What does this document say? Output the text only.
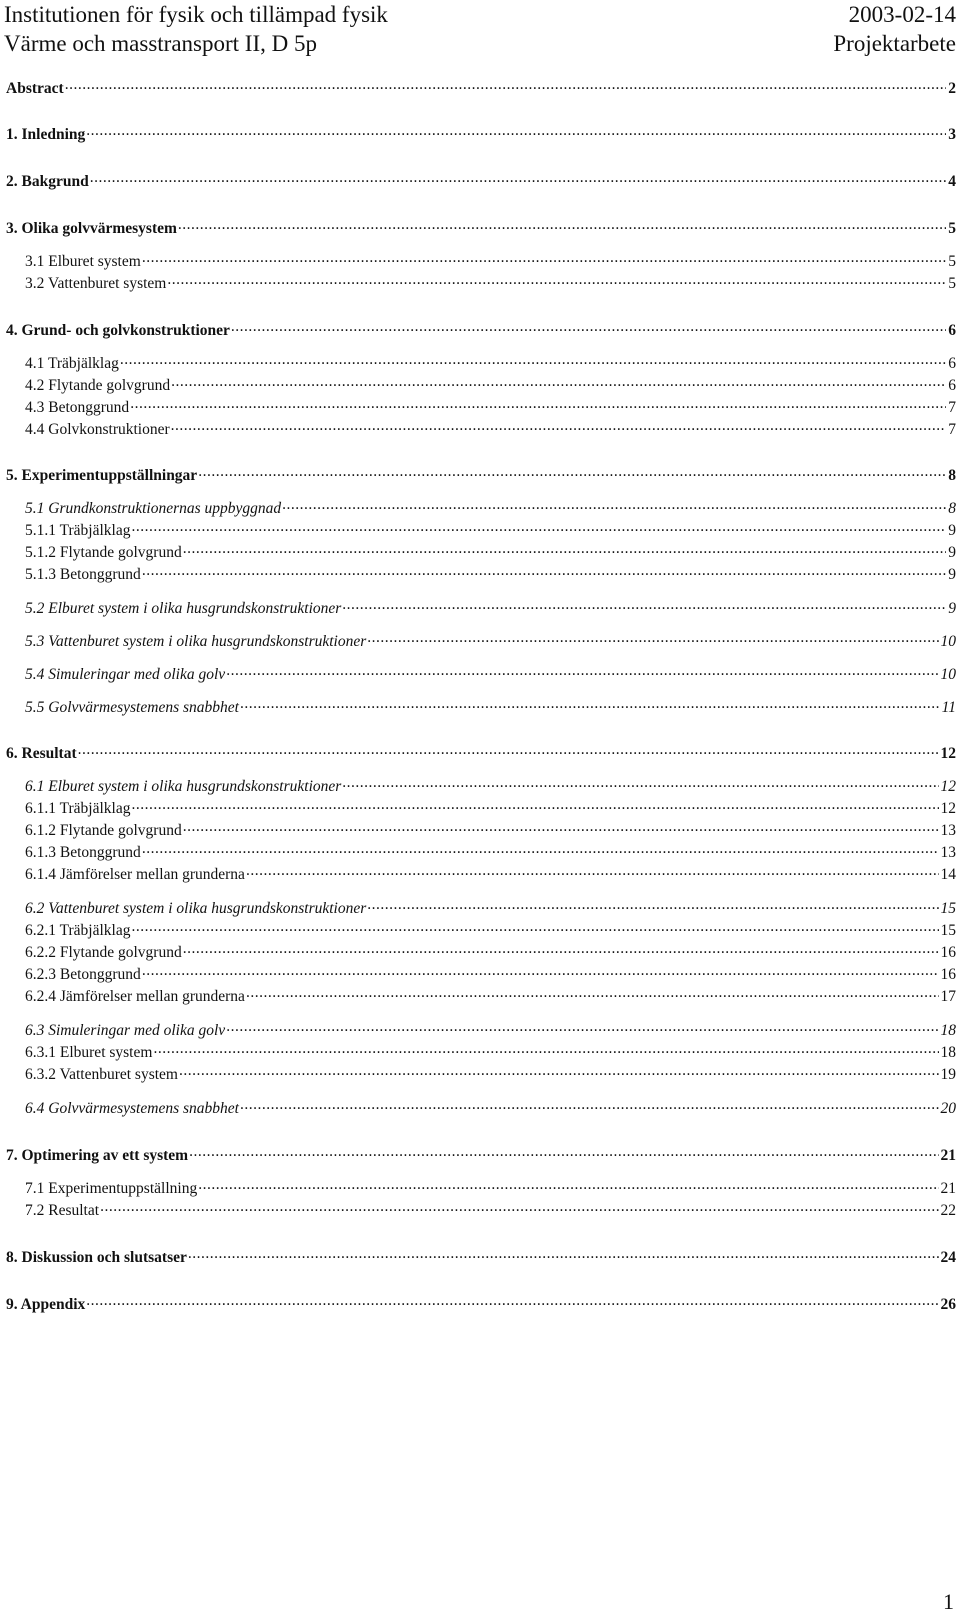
Institutionen för fysik och tillämpad fysik	2003-02-14
Värme och masstransport II, D 5p	Projektarbete
Abstract .....	2
1. Inledning .....	3
2. Bakgrund .....	4
3. Olika golvvärmesystem .....	5
3.1 Elburet system .....	5
3.2 Vattenburet system .....	5
4. Grund- och golvkonstruktioner .....	6
4.1 Träbjälklag .....	6
4.2 Flytande golvgrund .....	6
4.3 Betonggrund .....	7
4.4 Golvkonstruktioner .....	7
5. Experimentuppställningar .....	8
5.1 Grundkonstruktionernas uppbyggnad .....	8
5.1.1 Träbjälklag .....	9
5.1.2 Flytande golvgrund .....	9
5.1.3 Betonggrund .....	9
5.2 Elburet system i olika husgrundskonstruktioner .....	9
5.3 Vattenburet system i olika husgrundskonstruktioner .....	10
5.4 Simuleringar med olika golv .....	10
5.5 Golvvärmesystemens snabbhet .....	11
6. Resultat .....	12
6.1 Elburet system i olika husgrundskonstruktioner .....	12
6.1.1 Träbjälklag .....	12
6.1.2 Flytande golvgrund .....	13
6.1.3 Betonggrund .....	13
6.1.4 Jämförelser mellan grunderna .....	14
6.2 Vattenburet system i olika husgrundskonstruktioner .....	15
6.2.1 Träbjälklag .....	15
6.2.2 Flytande golvgrund .....	16
6.2.3 Betonggrund .....	16
6.2.4 Jämförelser mellan grunderna .....	17
6.3 Simuleringar med olika golv .....	18
6.3.1 Elburet system .....	18
6.3.2 Vattenburet system .....	19
6.4 Golvvärmesystemens snabbhet .....	20
7. Optimering av ett system .....	21
7.1 Experimentuppställning .....	21
7.2 Resultat .....	22
8. Diskussion och slutsatser .....	24
9. Appendix .....	26
1
